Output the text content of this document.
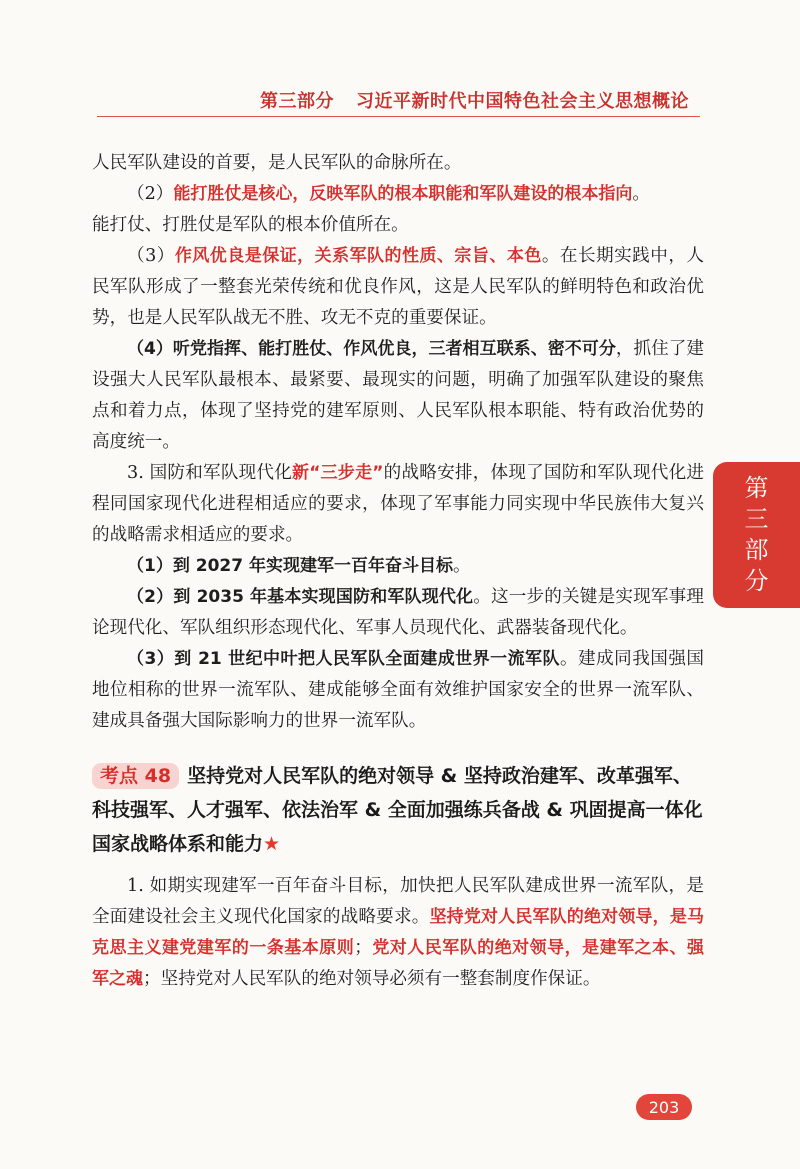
第三部分 习近平新时代中国特色社会主义思想概论

人民军队建设的首要，是人民军队的命脉所在。

（2）能打胜仗是核心，反映军队的根本职能和军队建设的根本指向。

能打仗、打胜仗是军队的根本价值所在。

（3）作风优良是保证，关系军队的性质、宗旨、本色。在长期实践中，人民军队形成了一整套光荣传统和优良作风，这是人民军队的鲜明特色和政治优势，也是人民军队战无不胜、攻无不克的重要保证。

（4）听党指挥、能打胜仗、作风优良，三者相互联系、密不可分，抓住了建设强大人民军队最根本、最紧要、最现实的问题，明确了加强军队建设的聚焦点和着力点，体现了坚持党的建军原则、人民军队根本职能、特有政治优势的高度统一。

3. 国防和军队现代化新“三步走”的战略安排，体现了国防和军队现代化进程同国家现代化进程相适应的要求，体现了军事能力同实现中华民族伟大复兴的战略需求相适应的要求。

（1）到 2027 年实现建军一百年奋斗目标。

（2）到 2035 年基本实现国防和军队现代化。这一步的关键是实现军事理论现代化、军队组织形态现代化、军事人员现代化、武器装备现代化。

（3）到 21 世纪中叶把人民军队全面建成世界一流军队。建成同我国强国地位相称的世界一流军队、建成能够全面有效维护国家安全的世界一流军队、建成具备强大国际影响力的世界一流军队。

考点 48 坚持党对人民军队的绝对领导 & 坚持政治建军、改革强军、科技强军、人才强军、依法治军 & 全面加强练兵备战 & 巩固提高一体化国家战略体系和能力★

1. 如期实现建军一百年奋斗目标，加快把人民军队建成世界一流军队，是全面建设社会主义现代化国家的战略要求。坚持党对人民军队的绝对领导，是马克思主义建党建军的一条基本原则；党对人民军队的绝对领导，是建军之本、强军之魂；坚持党对人民军队的绝对领导必须有一整套制度作保证。

第
三
部
分
203
